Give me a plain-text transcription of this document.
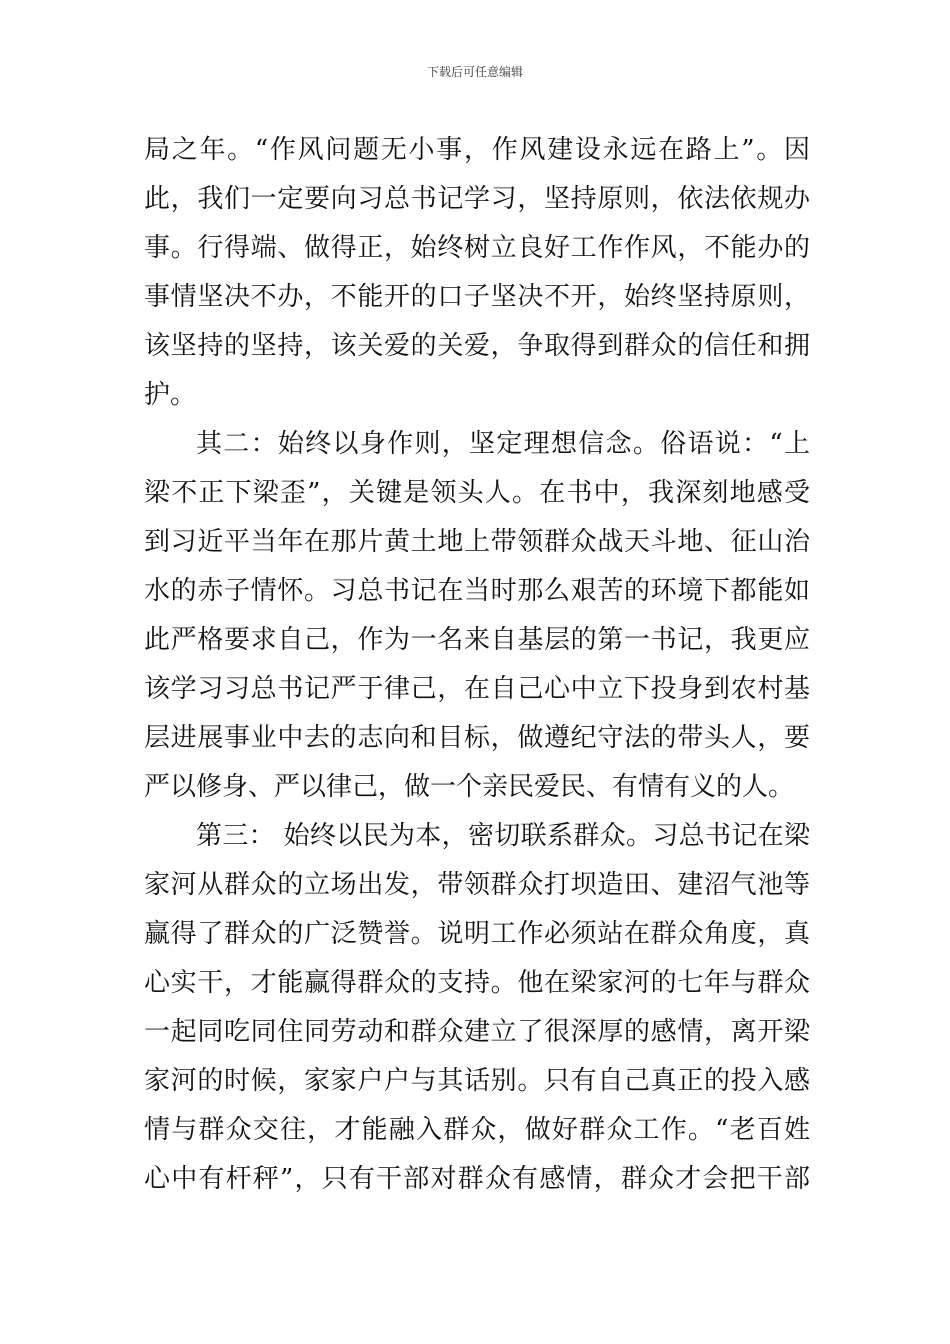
下载后可任意编辑
局之年。“作风问题无小事，作风建设永远在路上”。因
此，我们一定要向习总书记学习，坚持原则，依法依规办
事。行得端、做得正，始终树立良好工作作风，不能办的
事情坚决不办，不能开的口子坚决不开，始终坚持原则，
该坚持的坚持，该关爱的关爱，争取得到群众的信任和拥
护。
其二：始终以身作则，坚定理想信念。俗语说：“上
梁不正下梁歪”，关键是领头人。在书中，我深刻地感受
到习近平当年在那片黄土地上带领群众战天斗地、征山治
水的赤子情怀。习总书记在当时那么艰苦的环境下都能如
此严格要求自己，作为一名来自基层的第一书记，我更应
该学习习总书记严于律己，在自己心中立下投身到农村基
层进展事业中去的志向和目标，做遵纪守法的带头人，要
严以修身、严以律己，做一个亲民爱民、有情有义的人。
第三： 始终以民为本，密切联系群众。习总书记在梁
家河从群众的立场出发，带领群众打坝造田、建沼气池等
赢得了群众的广泛赞誉。说明工作必须站在群众角度，真
心实干，才能赢得群众的支持。他在梁家河的七年与群众
一起同吃同住同劳动和群众建立了很深厚的感情，离开梁
家河的时候，家家户户与其话别。只有自己真正的投入感
情与群众交往，才能融入群众，做好群众工作。“老百姓
心中有杆秤”，只有干部对群众有感情，群众才会把干部
